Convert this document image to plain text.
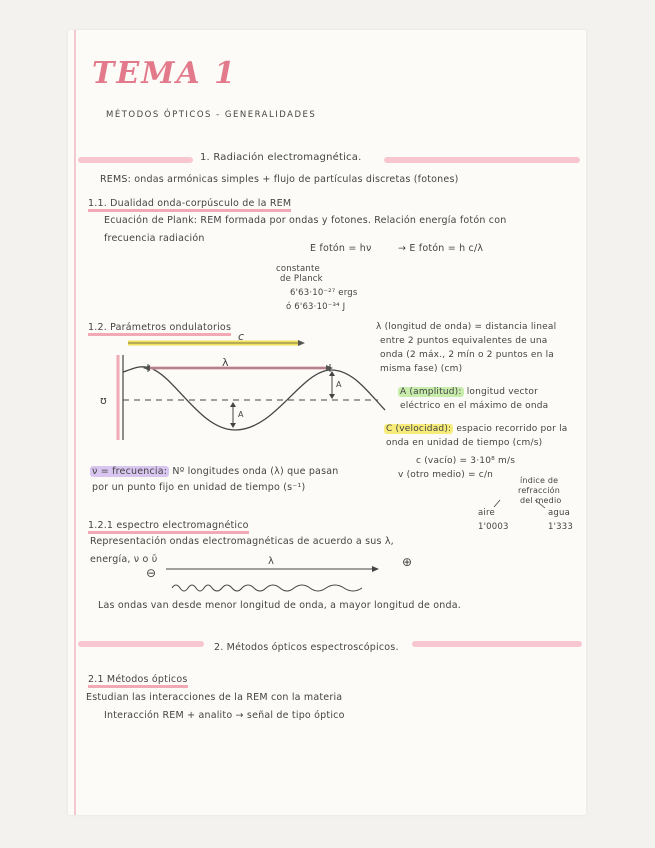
TEMA 1
MÉTODOS ÓPTICOS - GENERALIDADES
1. Radiación electromagnética.
REMS: ondas armónicas simples + flujo de partículas discretas (fotones)
1.1. Dualidad onda-corpúsculo de la REM
Ecuación de Plank: REM formada por ondas y fotones. Relación energía fotón con
frecuencia radiación
E fotón = hν	→ E fotón = h c/λ
constante
de Planck
6'63·10⁻²⁷ ergs
ó 6'63·10⁻³⁴ J
1.2. Parámetros ondulatorios
c
λ
A
A
ʊ
λ (longitud de onda) = distancia lineal
entre 2 puntos equivalentes de una
onda (2 máx., 2 mín o 2 puntos en la
misma fase) (cm)
A (amplitud): longitud vector
eléctrico en el máximo de onda
C (velocidad): espacio recorrido por la
onda en unidad de tiempo (cm/s)
c (vacío) = 3·10⁸ m/s
v (otro medio) = c/n
índice de
refracción
del medio
aire
1'0003
agua
1'333
ν = frecuencia: Nº longitudes onda (λ) que pasan
por un punto fijo en unidad de tiempo (s⁻¹)
1.2.1 espectro electromagnético
Representación ondas electromagnéticas de acuerdo a sus λ,
energía, ν o ῡ
⊖
⊕
λ
Las ondas van desde menor longitud de onda, a mayor longitud de onda.
2. Métodos ópticos espectroscópicos.
2.1 Métodos ópticos
Estudian las interacciones de la REM con la materia
Interacción REM + analito → señal de tipo óptico
